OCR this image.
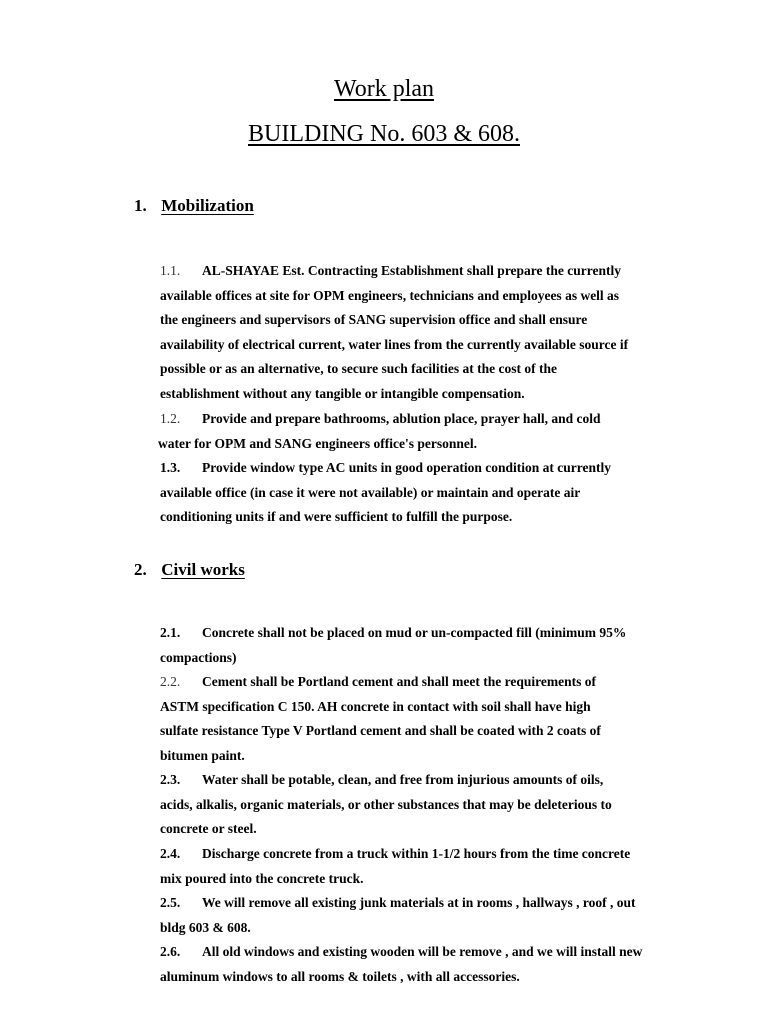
Work plan
BUILDING No. 603 & 608.
1. Mobilization
1.1. AL-SHAYAE Est. Contracting Establishment shall prepare the currently
available offices at site for OPM engineers, technicians and employees as well as
the engineers and supervisors of SANG supervision office and shall ensure
availability of electrical current, water lines from the currently available source if
possible or as an alternative, to secure such facilities at the cost of the
establishment without any tangible or intangible compensation.
1.2. Provide and prepare bathrooms, ablution place, prayer hall, and cold
water for OPM and SANG engineers office's personnel.
1.3. Provide window type AC units in good operation condition at currently
available office (in case it were not available) or maintain and operate air
conditioning units if and were sufficient to fulfill the purpose.
2. Civil works
2.1. Concrete shall not be placed on mud or un-compacted fill (minimum 95%
compactions)
2.2. Cement shall be Portland cement and shall meet the requirements of
ASTM specification C 150. AH concrete in contact with soil shall have high
sulfate resistance Type V Portland cement and shall be coated with 2 coats of
bitumen paint.
2.3. Water shall be potable, clean, and free from injurious amounts of oils,
acids, alkalis, organic materials, or other substances that may be deleterious to
concrete or steel.
2.4. Discharge concrete from a truck within 1-1/2 hours from the time concrete
mix poured into the concrete truck.
2.5. We will remove all existing junk materials at in rooms , hallways , roof , out
bldg 603 & 608.
2.6. All old windows and existing wooden will be remove , and we will install new
aluminum windows to all rooms & toilets , with all accessories.
